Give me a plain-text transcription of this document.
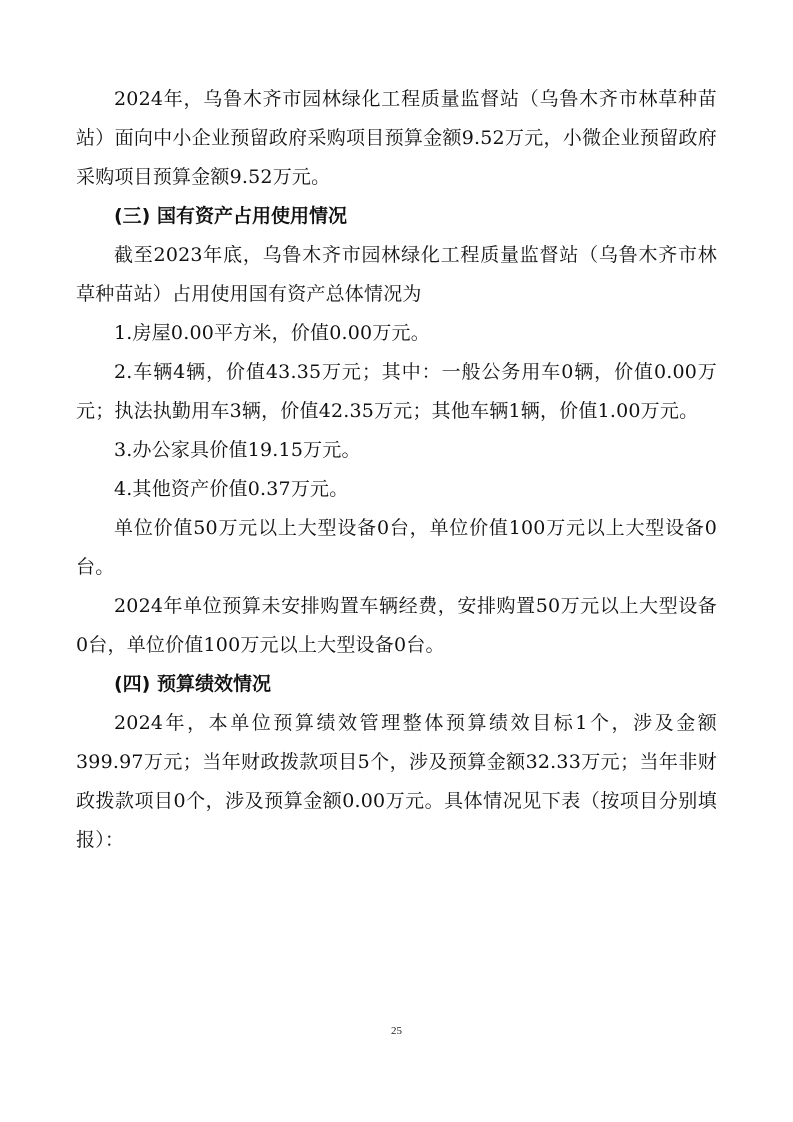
2024年，乌鲁木齐市园林绿化工程质量监督站（乌鲁木齐市林草种苗站）面向中小企业预留政府采购项目预算金额9.52万元，小微企业预留政府采购项目预算金额9.52万元。

(三) 国有资产占用使用情况

截至2023年底，乌鲁木齐市园林绿化工程质量监督站（乌鲁木齐市林草种苗站）占用使用国有资产总体情况为

1.房屋0.00平方米，价值0.00万元。

2.车辆4辆，价值43.35万元；其中：一般公务用车0辆，价值0.00万元；执法执勤用车3辆，价值42.35万元；其他车辆1辆，价值1.00万元。

3.办公家具价值19.15万元。

4.其他资产价值0.37万元。

单位价值50万元以上大型设备0台，单位价值100万元以上大型设备0台。

2024年单位预算未安排购置车辆经费，安排购置50万元以上大型设备0台，单位价值100万元以上大型设备0台。

(四) 预算绩效情况

2024年，本单位预算绩效管理整体预算绩效目标1个，涉及金额399.97万元；当年财政拨款项目5个，涉及预算金额32.33万元；当年非财政拨款项目0个，涉及预算金额0.00万元。具体情况见下表（按项目分别填报）：

25
